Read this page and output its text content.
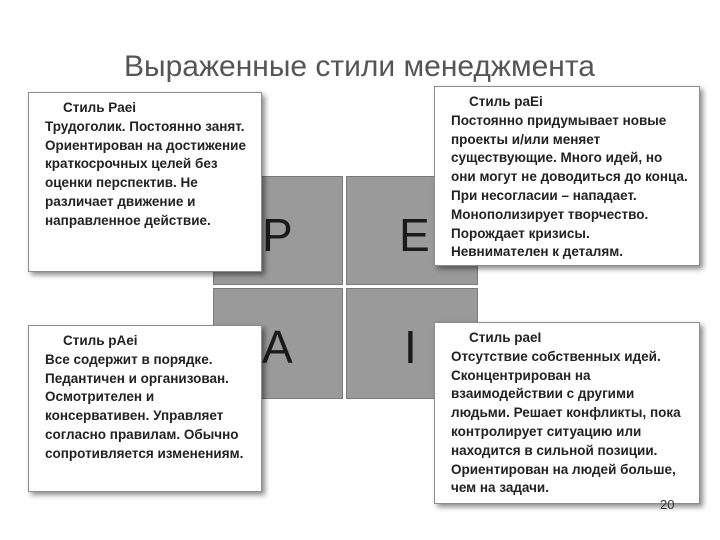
Выраженные стили менеджмента
P E
A I
Стиль Paei
Трудоголик. Постоянно занят. Ориентирован на достижение краткосрочных целей без оценки перспектив. Не различает движение и направленное действие.
Стиль paEi
Постоянно придумывает новые проекты и/или меняет существующие. Много идей, но они могут не доводиться до конца. При несогласии – нападает. Монополизирует творчество. Порождает кризисы. Невнимателен к деталям.
Стиль pAei
Все содержит в порядке. Педантичен и организован. Осмотрителен и консервативен. Управляет согласно правилам. Обычно сопротивляется изменениям.
Стиль paeI
Отсутствие собственных идей. Сконцентрирован на взаимодействии с другими людьми. Решает конфликты, пока контролирует ситуацию или находится в сильной позиции. Ориентирован на людей больше, чем на задачи.
20
